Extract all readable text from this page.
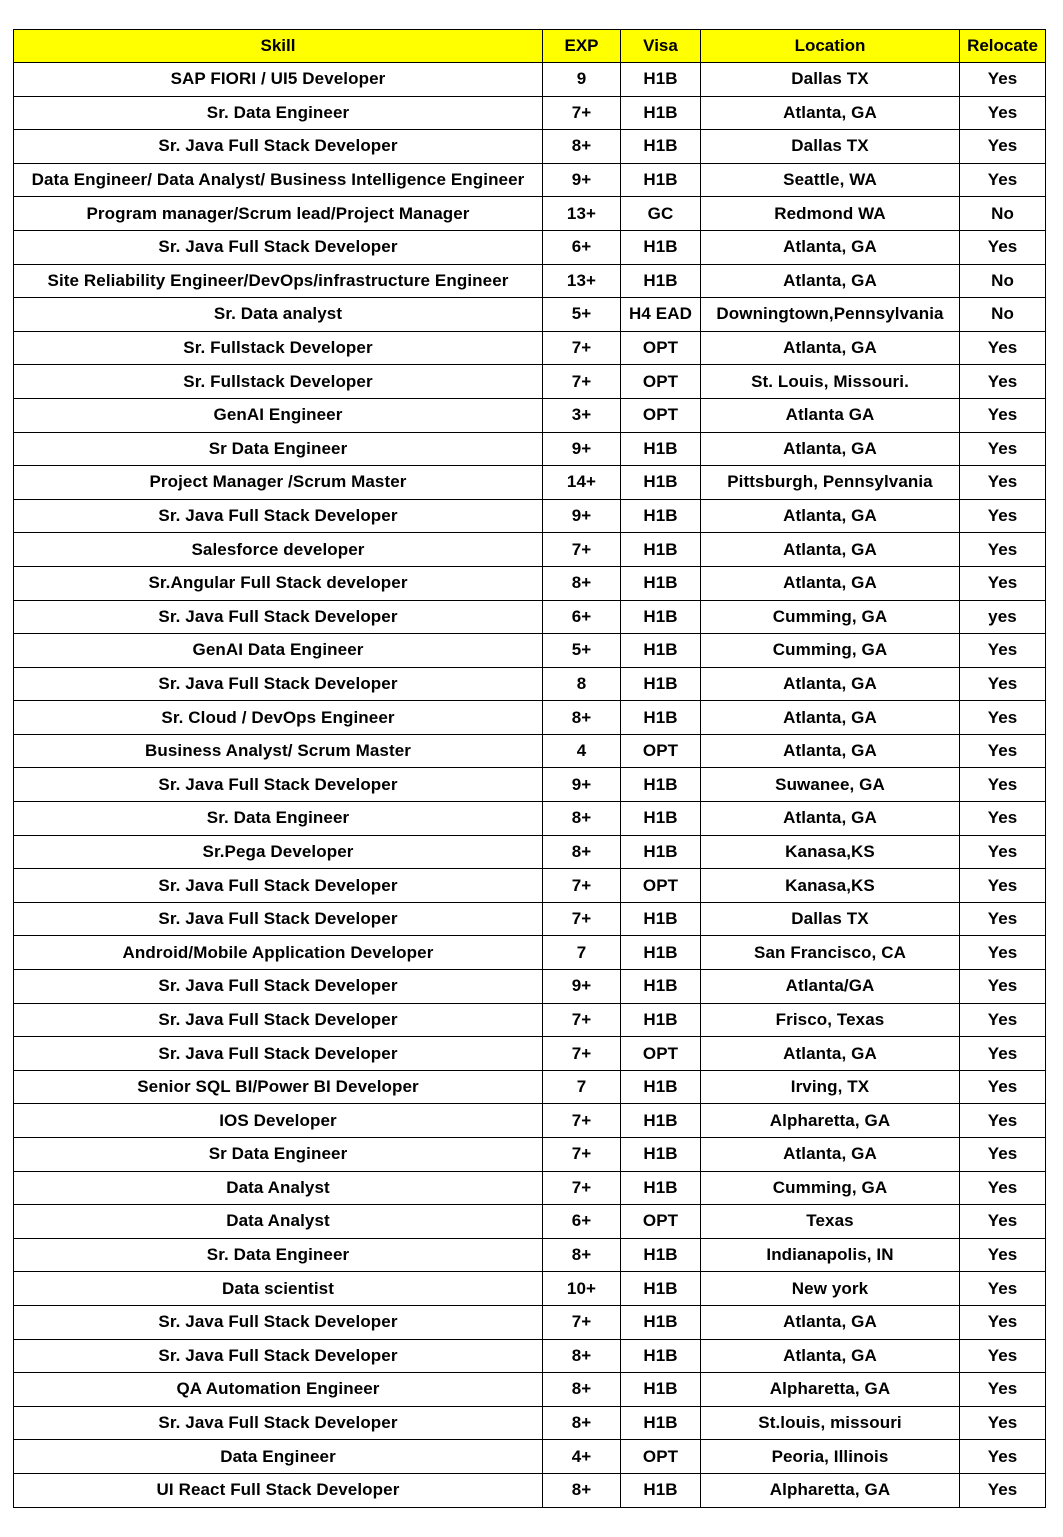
Skill	EXP	Visa	Location	Relocate
SAP FIORI / UI5 Developer	9	H1B	Dallas TX	Yes
Sr. Data Engineer	7+	H1B	Atlanta, GA	Yes
Sr. Java Full Stack Developer	8+	H1B	Dallas TX	Yes
Data Engineer/ Data Analyst/ Business Intelligence Engineer	9+	H1B	Seattle, WA	Yes
Program manager/Scrum lead/Project Manager	13+	GC	Redmond WA	No
Sr. Java Full Stack Developer	6+	H1B	Atlanta, GA	Yes
Site Reliability Engineer/DevOps/infrastructure Engineer	13+	H1B	Atlanta, GA	No
Sr. Data analyst	5+	H4 EAD	Downingtown,Pennsylvania	No
Sr. Fullstack Developer	7+	OPT	Atlanta, GA	Yes
Sr. Fullstack Developer	7+	OPT	St. Louis, Missouri.	Yes
GenAI Engineer	3+	OPT	Atlanta GA	Yes
Sr Data Engineer	9+	H1B	Atlanta, GA	Yes
Project Manager /Scrum Master	14+	H1B	Pittsburgh, Pennsylvania	Yes
Sr. Java Full Stack Developer	9+	H1B	Atlanta, GA	Yes
Salesforce developer	7+	H1B	Atlanta, GA	Yes
Sr.Angular Full Stack developer	8+	H1B	Atlanta, GA	Yes
Sr. Java Full Stack Developer	6+	H1B	Cumming, GA	yes
GenAI Data Engineer	5+	H1B	Cumming, GA	Yes
Sr. Java Full Stack Developer	8	H1B	Atlanta, GA	Yes
Sr. Cloud / DevOps Engineer	8+	H1B	Atlanta, GA	Yes
Business Analyst/ Scrum Master	4	OPT	Atlanta, GA	Yes
Sr. Java Full Stack Developer	9+	H1B	Suwanee, GA	Yes
Sr. Data Engineer	8+	H1B	Atlanta, GA	Yes
Sr.Pega Developer	8+	H1B	Kanasa,KS	Yes
Sr. Java Full Stack Developer	7+	OPT	Kanasa,KS	Yes
Sr. Java Full Stack Developer	7+	H1B	Dallas TX	Yes
Android/Mobile Application Developer	7	H1B	San Francisco, CA	Yes
Sr. Java Full Stack Developer	9+	H1B	Atlanta/GA	Yes
Sr. Java Full Stack Developer	7+	H1B	Frisco, Texas	Yes
Sr. Java Full Stack Developer	7+	OPT	Atlanta, GA	Yes
Senior SQL BI/Power BI Developer	7	H1B	Irving, TX	Yes
IOS Developer	7+	H1B	Alpharetta, GA	Yes
Sr Data Engineer	7+	H1B	Atlanta, GA	Yes
Data Analyst	7+	H1B	Cumming, GA	Yes
Data Analyst	6+	OPT	Texas	Yes
Sr. Data Engineer	8+	H1B	Indianapolis, IN	Yes
Data scientist	10+	H1B	New york	Yes
Sr. Java Full Stack Developer	7+	H1B	Atlanta, GA	Yes
Sr. Java Full Stack Developer	8+	H1B	Atlanta, GA	Yes
QA Automation Engineer	8+	H1B	Alpharetta, GA	Yes
Sr. Java Full Stack Developer	8+	H1B	St.louis, missouri	Yes
Data Engineer	4+	OPT	Peoria, Illinois	Yes
UI React Full Stack Developer	8+	H1B	Alpharetta, GA	Yes
